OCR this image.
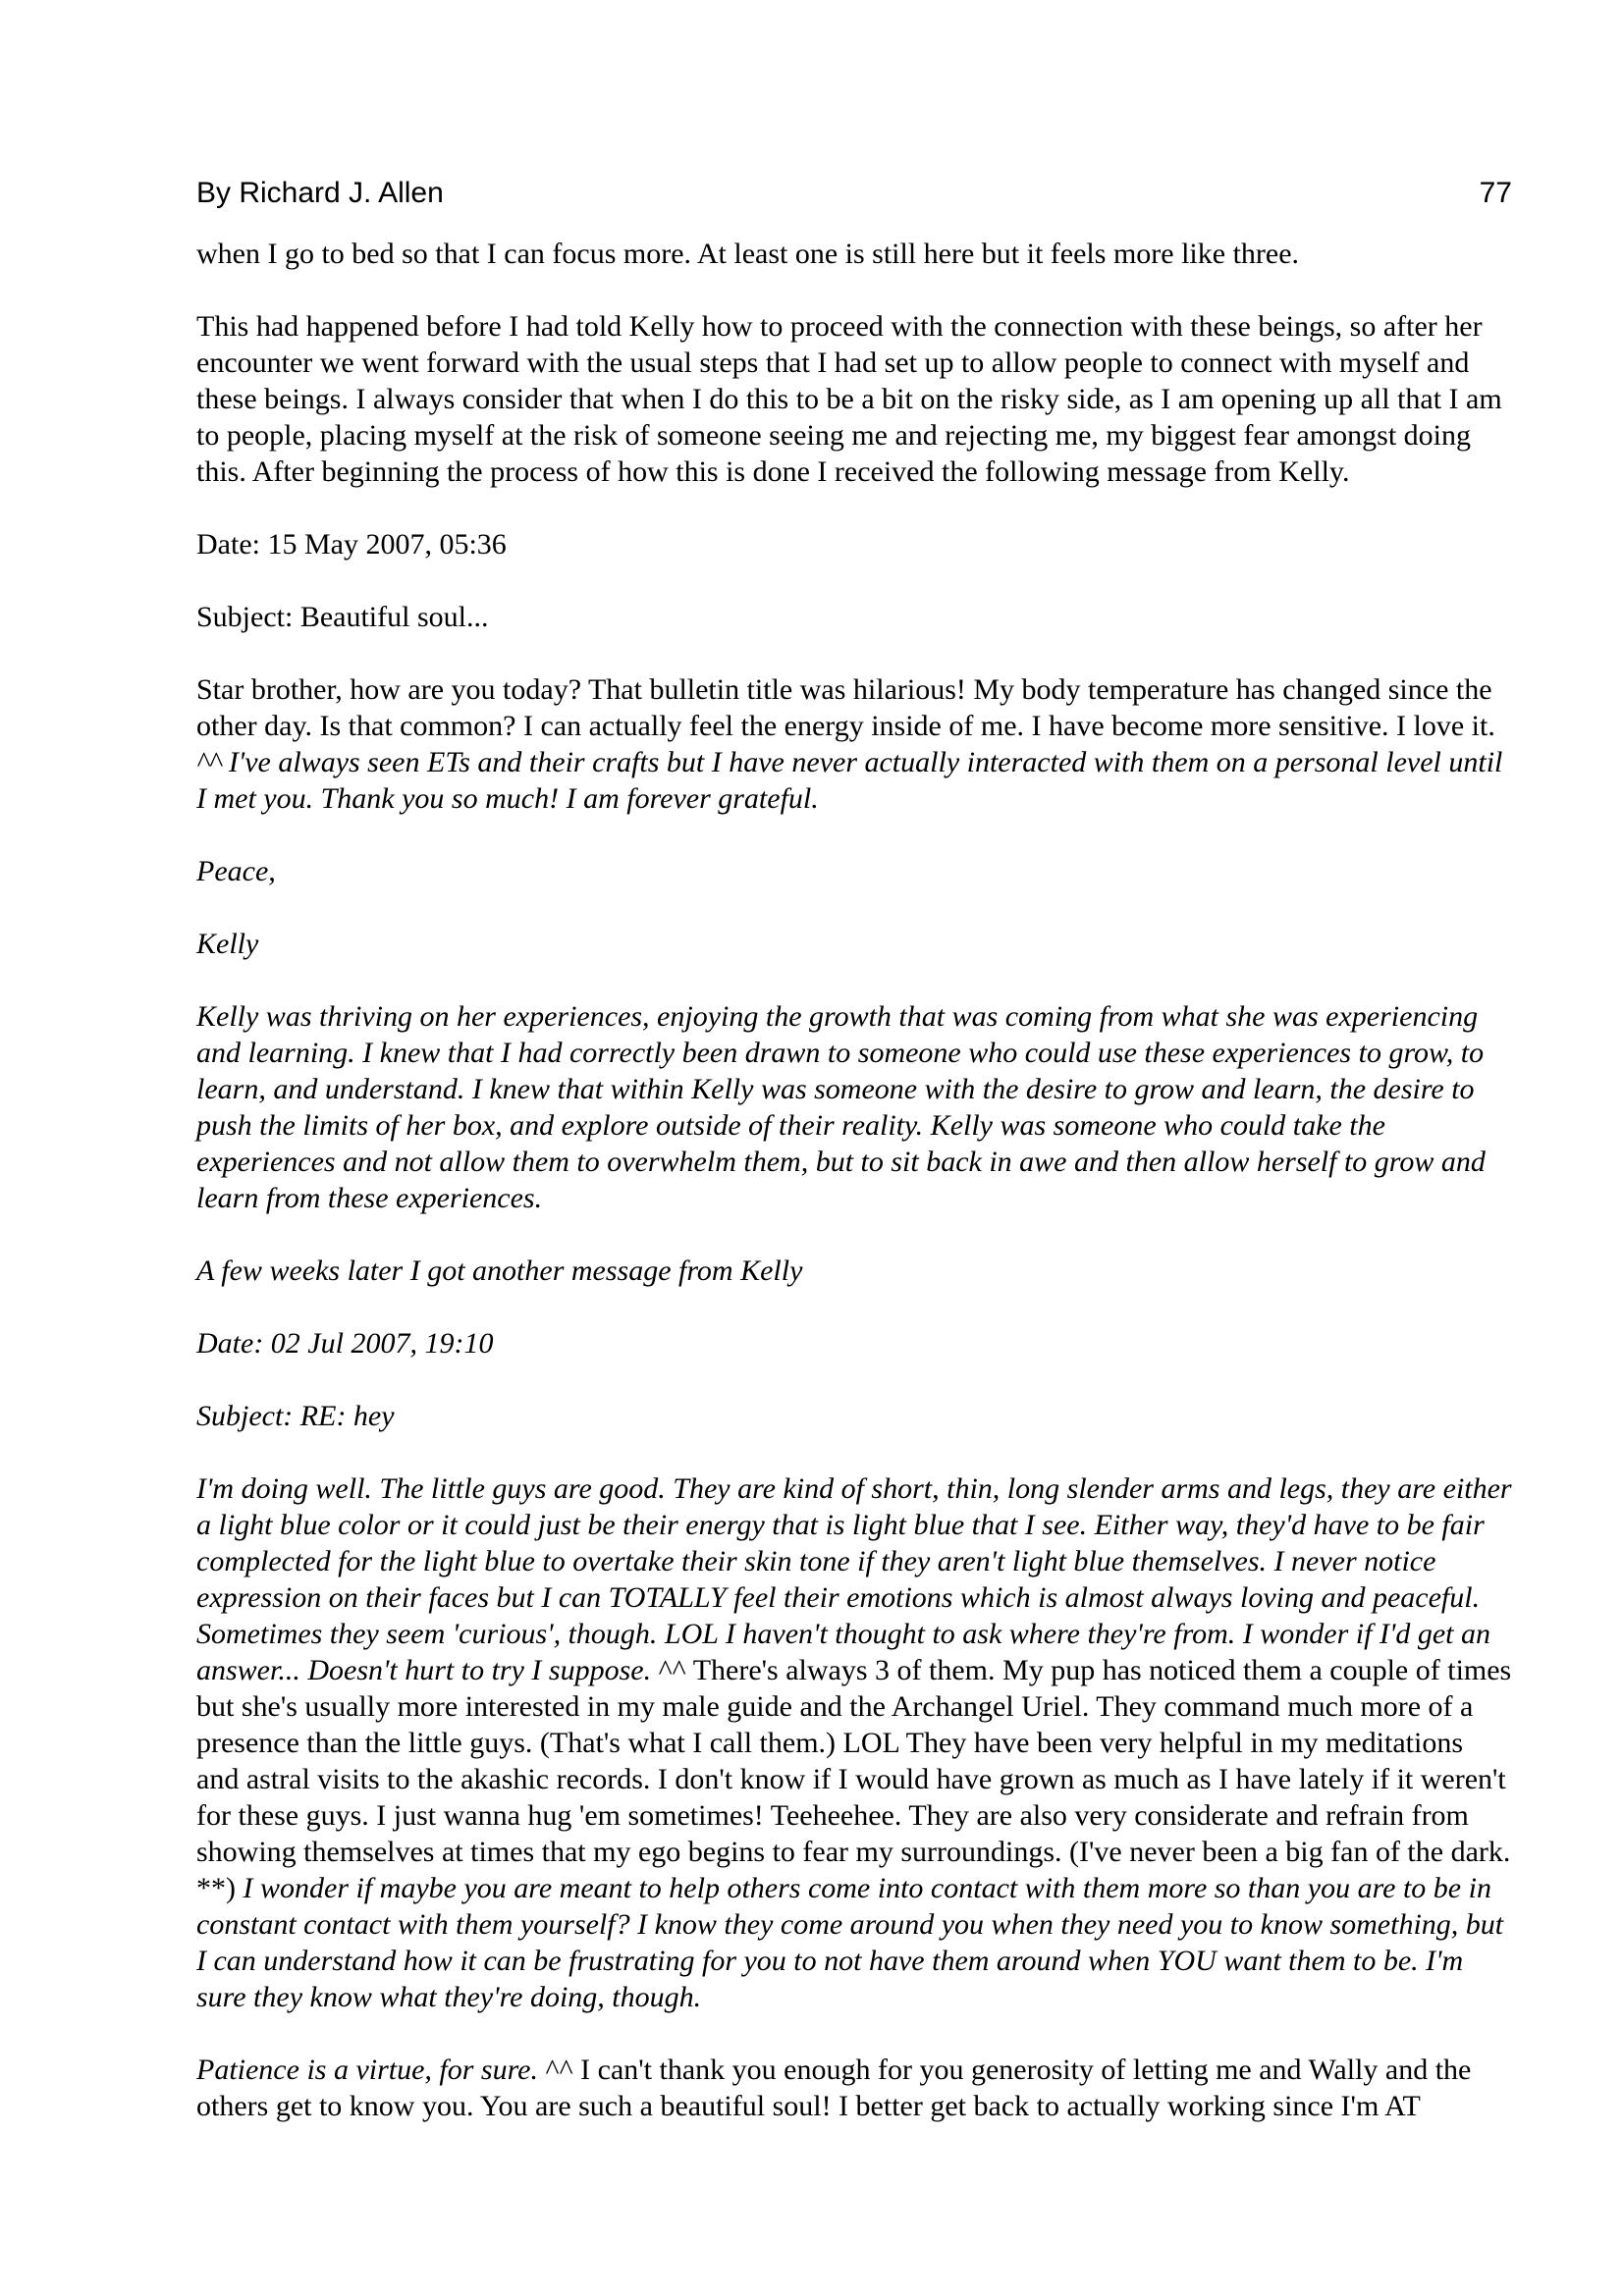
By Richard J. Allen	77

when I go to bed so that I can focus more. At least one is still here but it feels more like three.

This had happened before I had told Kelly how to proceed with the connection with these beings, so after her encounter we went forward with the usual steps that I had set up to allow people to connect with myself and these beings. I always consider that when I do this to be a bit on the risky side, as I am opening up all that I am to people, placing myself at the risk of someone seeing me and rejecting me, my biggest fear amongst doing this. After beginning the process of how this is done I received the following message from Kelly.

Date: 15 May 2007, 05:36

Subject: Beautiful soul...

Star brother, how are you today? That bulletin title was hilarious! My body temperature has changed since the other day. Is that common? I can actually feel the energy inside of me. I have become more sensitive. I love it. ^^ I've always seen ETs and their crafts but I have never actually interacted with them on a personal level until I met you. Thank you so much! I am forever grateful.

Peace,

Kelly

Kelly was thriving on her experiences, enjoying the growth that was coming from what she was experiencing and learning. I knew that I had correctly been drawn to someone who could use these experiences to grow, to learn, and understand. I knew that within Kelly was someone with the desire to grow and learn, the desire to push the limits of her box, and explore outside of their reality. Kelly was someone who could take the experiences and not allow them to overwhelm them, but to sit back in awe and then allow herself to grow and learn from these experiences.

A few weeks later I got another message from Kelly

Date: 02 Jul 2007, 19:10

Subject: RE: hey

I'm doing well. The little guys are good. They are kind of short, thin, long slender arms and legs, they are either a light blue color or it could just be their energy that is light blue that I see. Either way, they'd have to be fair complected for the light blue to overtake their skin tone if they aren't light blue themselves. I never notice expression on their faces but I can TOTALLY feel their emotions which is almost always loving and peaceful. Sometimes they seem 'curious', though. LOL I haven't thought to ask where they're from. I wonder if I'd get an answer... Doesn't hurt to try I suppose. ^^ There's always 3 of them. My pup has noticed them a couple of times but she's usually more interested in my male guide and the Archangel Uriel. They command much more of a presence than the little guys. (That's what I call them.) LOL They have been very helpful in my meditations and astral visits to the akashic records. I don't know if I would have grown as much as I have lately if it weren't for these guys. I just wanna hug 'em sometimes! Teeheehee. They are also very considerate and refrain from showing themselves at times that my ego begins to fear my surroundings. (I've never been a big fan of the dark. **) I wonder if maybe you are meant to help others come into contact with them more so than you are to be in constant contact with them yourself? I know they come around you when they need you to know something, but I can understand how it can be frustrating for you to not have them around when YOU want them to be. I'm sure they know what they're doing, though.

Patience is a virtue, for sure. ^^ I can't thank you enough for you generosity of letting me and Wally and the others get to know you. You are such a beautiful soul! I better get back to actually working since I'm AT
